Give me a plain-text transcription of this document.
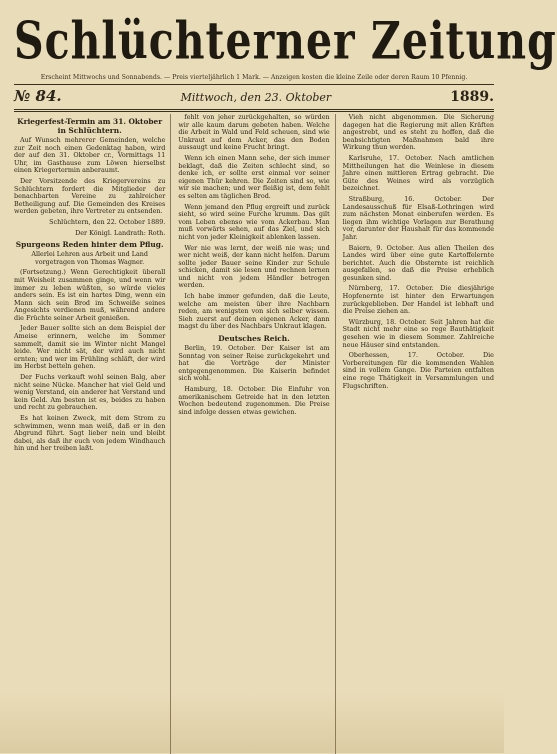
Schlüchterner Zeitung
Erscheint Mittwochs und Sonnabends. — Preis vierteljährlich 1 Mark. — Anzeigen kosten die kleine Zeile oder deren Raum 10 Pfennig.
№ 84.	Mittwoch, den 23. Oktober	1889.
Kriegerfest-Termin am 31. Oktober in Schlüchtern.

Auf Wunsch mehrerer Gemeinden, welche zur Zeit noch einen Gedenktag haben, wird der auf den 31. Oktober cr., Vormittags 11 Uhr, im Gasthause zum Löwen hierselbst einen Kriegertermin anberaumt.

Der Vorsitzende des Kriegervereins zu Schlüchtern fordert die Mitglieder der benachbarten Vereine zu zahlreicher Betheiligung auf. Die Gemeinden des Kreises werden gebeten, ihre Vertreter zu entsenden.

Schlüchtern, den 22. October 1889.

Der Königl. Landrath: Roth.

Spurgeons Reden hinter dem Pflug.

Allerlei Lehren aus Arbeit und Land vorgetragen von Thomas Wagner.

(Fortsetzung.) Wenn Gerechtigkeit überall mit Weisheit zusammen ginge, und wenn wir immer zu leben wüßten, so würde vieles anders sein. Es ist ein hartes Ding, wenn ein Mann sich sein Brod im Schweiße seines Angesichts verdienen muß, während andere die Früchte seiner Arbeit genießen.

Jeder Bauer sollte sich an dem Beispiel der Ameise erinnern, welche im Sommer sammelt, damit sie im Winter nicht Mangel leide. Wer nicht sät, der wird auch nicht ernten; und wer im Frühling schläft, der wird im Herbst betteln gehen.

Der Fuchs verkauft wohl seinen Balg, aber nicht seine Nücke. Mancher hat viel Geld und wenig Verstand, ein anderer hat Verstand und kein Geld. Am besten ist es, beides zu haben und recht zu gebrauchen.

Es hat keinen Zweck, mit dem Strom zu schwimmen, wenn man weiß, daß er in den Abgrund führt. Sagt lieber nein und bleibt dabei, als daß ihr euch von jedem Windhauch hin und her treiben laßt.

fehlt von jeher zurückgehalten, so würden wir alle kaum darum gebeten haben. Welche die Arbeit in Wald und Feld scheuen, sind wie Unkraut auf dem Acker, das den Boden aussaugt und keine Frucht bringt.

Wenn ich einen Mann sehe, der sich immer beklagt, daß die Zeiten schlecht sind, so denke ich, er sollte erst einmal vor seiner eigenen Thür kehren. Die Zeiten sind so, wie wir sie machen; und wer fleißig ist, dem fehlt es selten am täglichen Brod.

Wenn jemand den Pflug ergreift und zurück sieht, so wird seine Furche krumm. Das gilt vom Leben ebenso wie vom Ackerbau. Man muß vorwärts sehen, auf das Ziel, und sich nicht von jeder Kleinigkeit ablenken lassen.

Wer nie was lernt, der weiß nie was; und wer nicht weiß, der kann nicht helfen. Darum sollte jeder Bauer seine Kinder zur Schule schicken, damit sie lesen und rechnen lernen und nicht von jedem Händler betrogen werden.

Ich habe immer gefunden, daß die Leute, welche am meisten über ihre Nachbarn reden, am wenigsten von sich selber wissen. Sieh zuerst auf deinen eigenen Acker, dann magst du über des Nachbars Unkraut klagen.

Deutsches Reich.

Berlin, 19. October. Der Kaiser ist am Sonntag von seiner Reise zurückgekehrt und hat die Vorträge der Minister entgegengenommen. Die Kaiserin befindet sich wohl.

Hamburg, 18. October. Die Einfuhr von amerikanischem Getreide hat in den letzten Wochen bedeutend zugenommen. Die Preise sind infolge dessen etwas gewichen.

Vieh nicht abgenommen. Die Sicherung dagegen hat die Regierung mit allen Kräften angestrebt, und es steht zu hoffen, daß die beabsichtigten Maßnahmen bald ihre Wirkung thun werden.

Karlsruhe, 17. October. Nach amtlichen Mittheilungen hat die Weinlese in diesem Jahre einen mittleren Ertrag gebracht. Die Güte des Weines wird als vorzüglich bezeichnet.

Straßburg, 16. October. Der Landesausschuß für Elsaß-Lothringen wird zum nächsten Monat einberufen werden. Es liegen ihm wichtige Vorlagen zur Berathung vor, darunter der Haushalt für das kommende Jahr.

Baiern, 9. October. Aus allen Theilen des Landes wird über eine gute Kartoffelernte berichtet. Auch die Obsternte ist reichlich ausgefallen, so daß die Preise erheblich gesunken sind.

Nürnberg, 17. October. Die diesjährige Hopfenernte ist hinter den Erwartungen zurückgeblieben. Der Handel ist lebhaft und die Preise ziehen an.

Würzburg, 18. October. Seit Jahren hat die Stadt nicht mehr eine so rege Bauthätigkeit gesehen wie in diesem Sommer. Zahlreiche neue Häuser sind entstanden.

Oberhessen, 17. October. Die Vorbereitungen für die kommenden Wahlen sind in vollem Gange. Die Parteien entfalten eine rege Thätigkeit in Versammlungen und Flugschriften.
